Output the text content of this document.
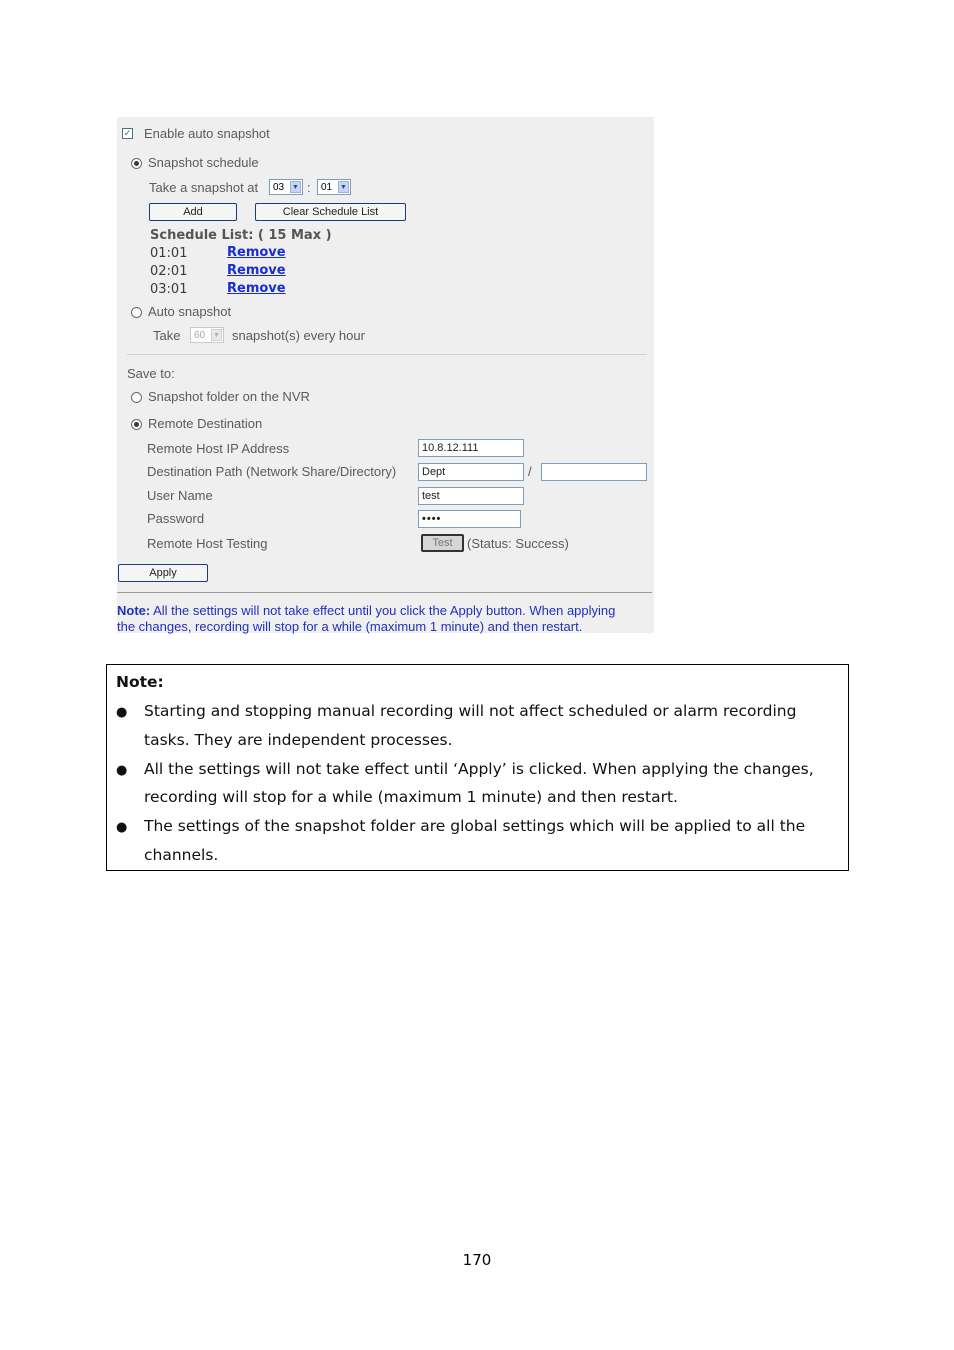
✓ Enable auto snapshot
Snapshot schedule
Take a snapshot at 03 ▼ : 01 ▼
Add	Clear Schedule List
Schedule List: ( 15 Max )
01:01	Remove
02:01	Remove
03:01	Remove
Auto snapshot
Take 60 ▼ snapshot(s) every hour
Save to:
Snapshot folder on the NVR
Remote Destination
Remote Host IP Address	10.8.12.111
Destination Path (Network Share/Directory)	Dept	/
User Name	test
Password	••••
Remote Host Testing	Test	(Status: Success)
Apply
Note: All the settings will not take effect until you click the Apply button. When applying
the changes, recording will stop for a while (maximum 1 minute) and then restart.
Note:
● Starting and stopping manual recording will not affect scheduled or alarm recording
tasks. They are independent processes.
● All the settings will not take effect until ‘Apply’ is clicked. When applying the changes,
recording will stop for a while (maximum 1 minute) and then restart.
● The settings of the snapshot folder are global settings which will be applied to all the
channels.
170
